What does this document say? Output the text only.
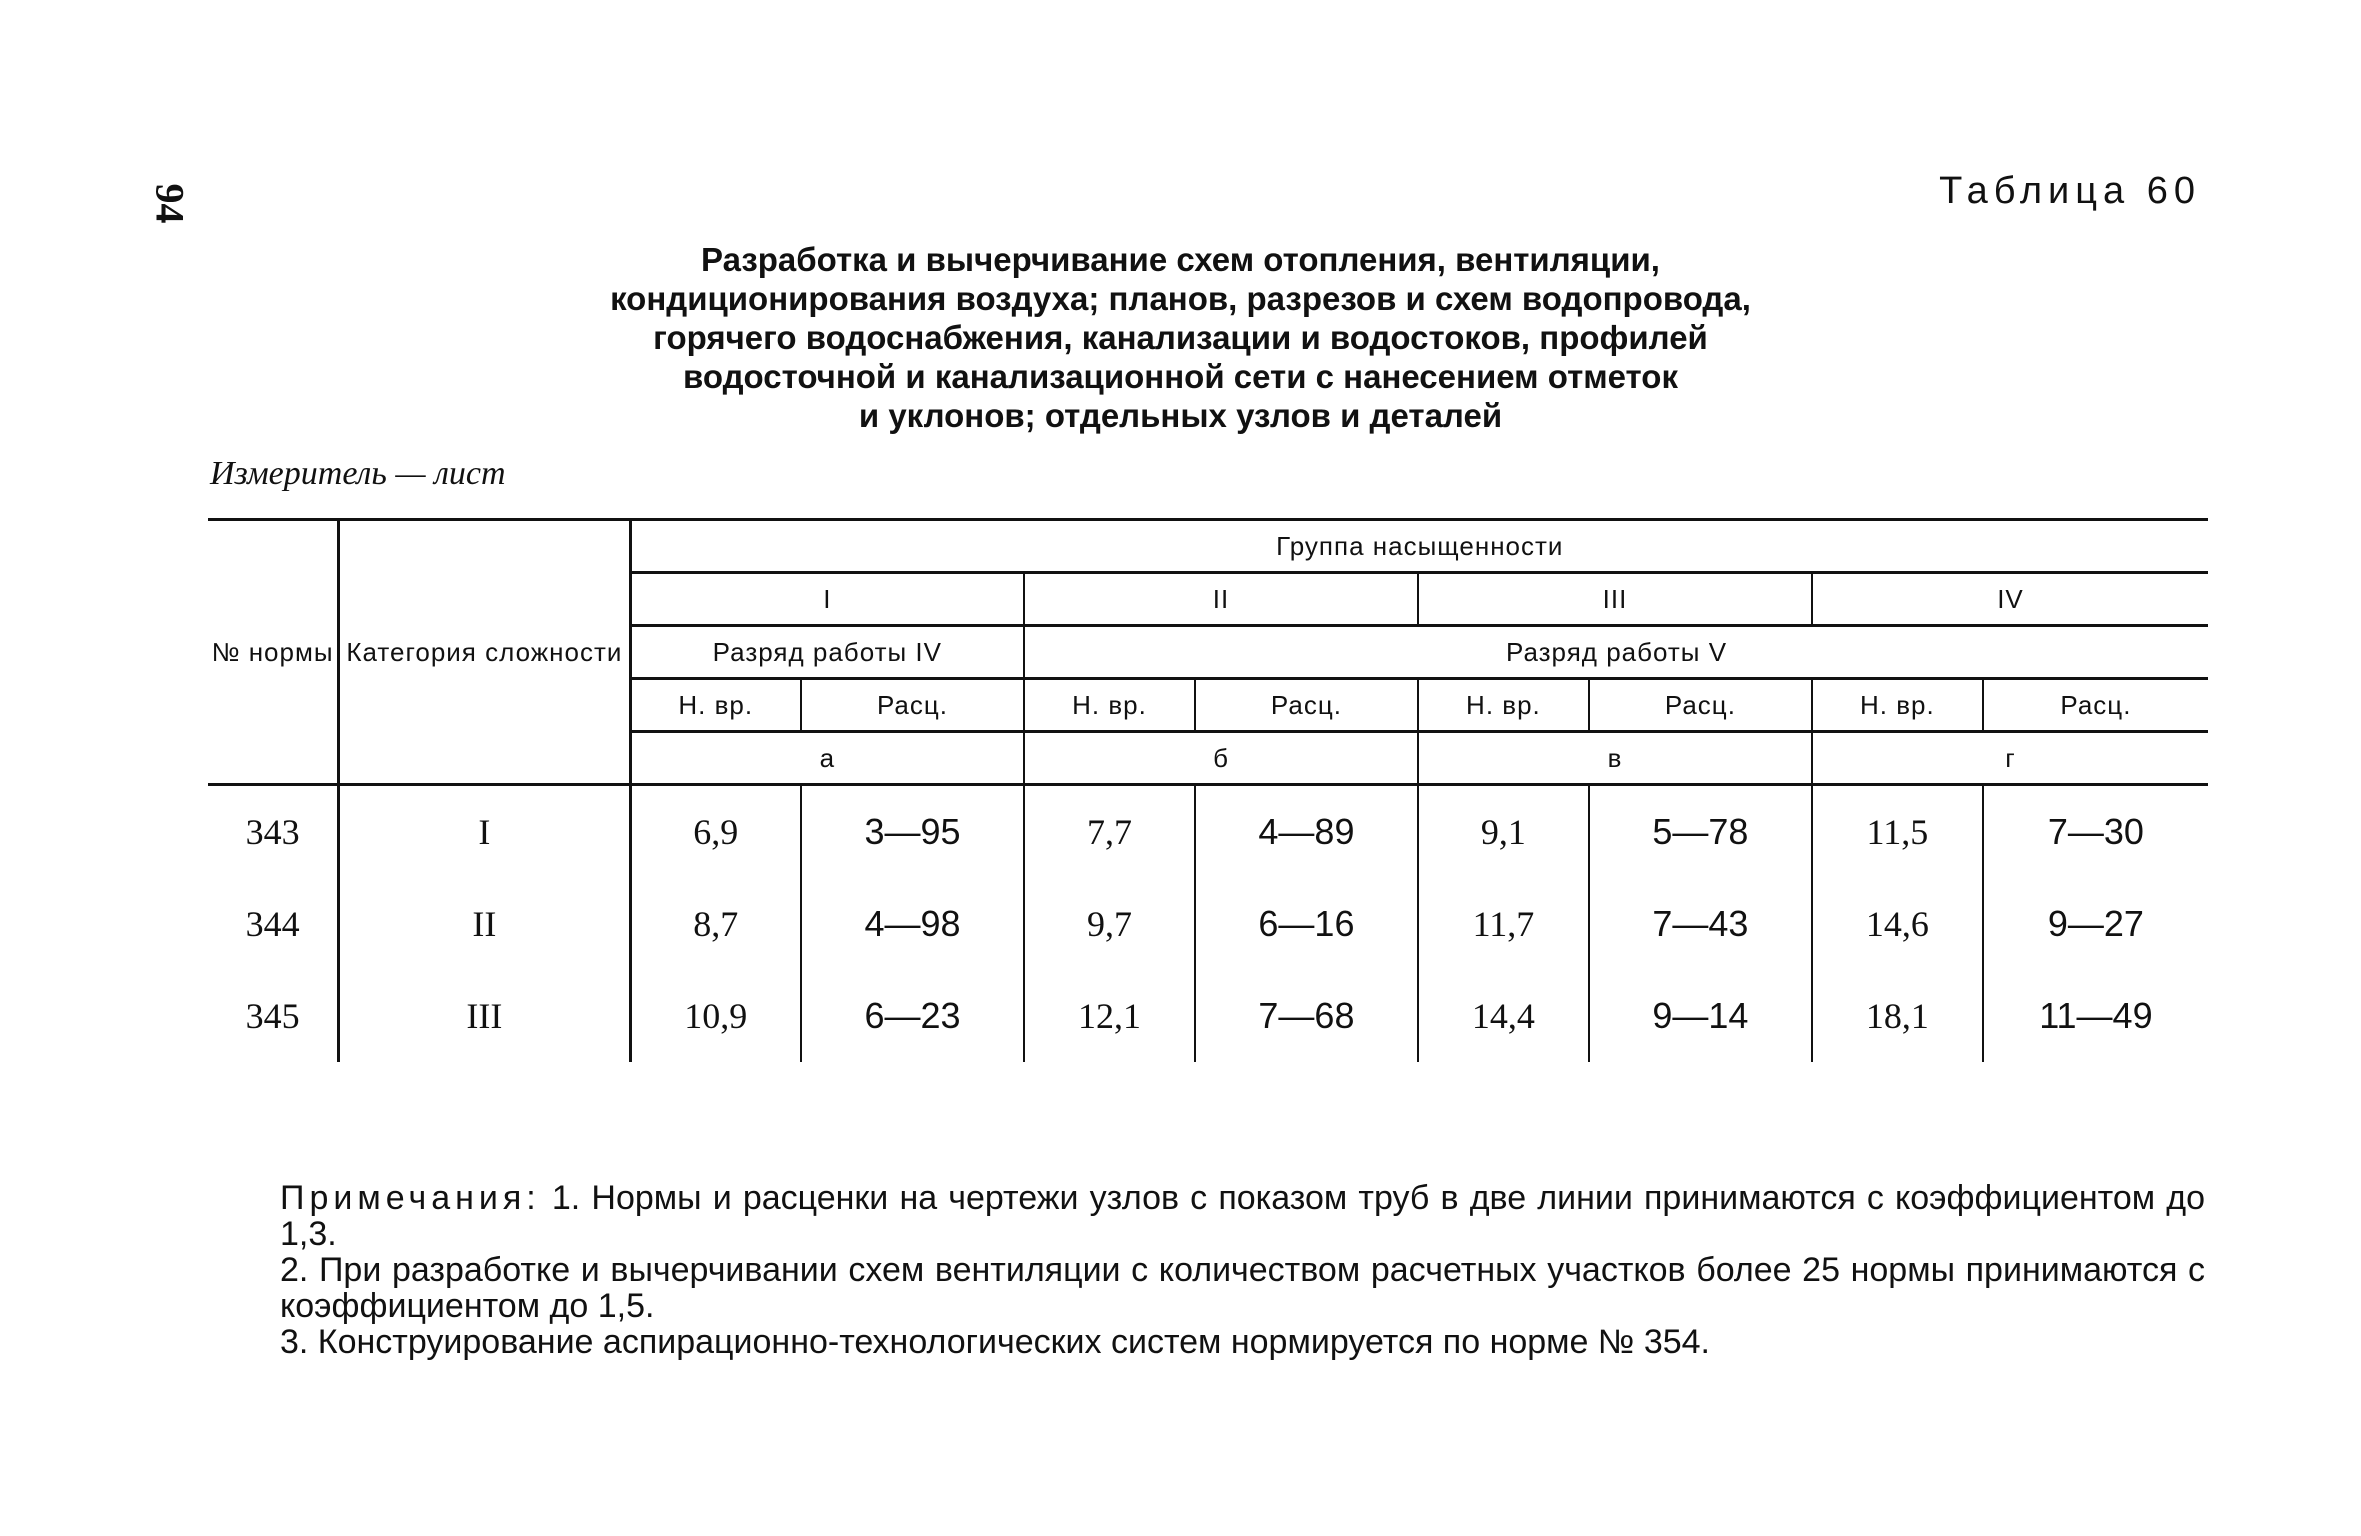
94	Таблица 60
Разработка и вычерчивание схем отопления, вентиляции,
кондиционирования воздуха; планов, разрезов и схем водопровода,
горячего водоснабжения, канализации и водостоков, профилей
водосточной и канализационной сети с нанесением отметок
и уклонов; отдельных узлов и деталей
Измеритель — лист
№ нормы	Категория сложности	Группа насыщенности							
		I		II		III		IV	
		Разряд работы IV		Разряд работы V					
		Н. вр.	Расц.	Н. вр.	Расц.	Н. вр.	Расц.	Н. вр.	Расц.
		а		б		в		г	
343	I	6,9	3—95	7,7	4—89	9,1	5—78	11,5	7—30
344	II	8,7	4—98	9,7	6—16	11,7	7—43	14,6	9—27
345	III	10,9	6—23	12,1	7—68	14,4	9—14	18,1	11—49
Примечания: 1. Нормы и расценки на чертежи узлов с показом труб в две линии принимаются с коэффициентом до 1,3.
2. При разработке и вычерчивании схем вентиляции с количеством расчетных участков более 25 нормы принимаются с коэффициентом до 1,5.
3. Конструирование аспирационно-технологических систем нормируется по норме № 354.
